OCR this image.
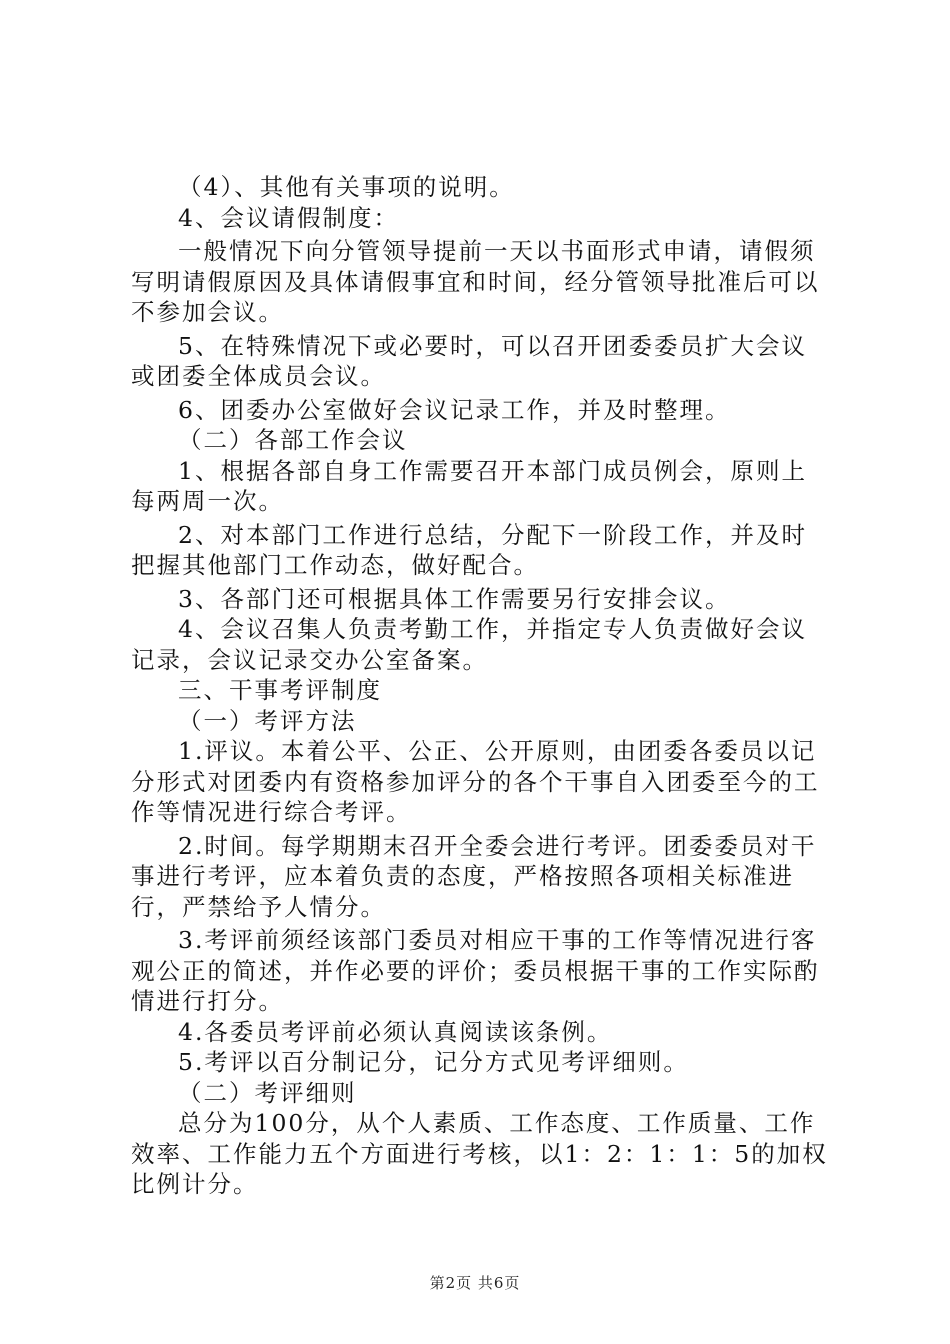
（4）、其他有关事项的说明。

4、会议请假制度：

一般情况下向分管领导提前一天以书面形式申请，请假须写明请假原因及具体请假事宜和时间，经分管领导批准后可以不参加会议。

5、在特殊情况下或必要时，可以召开团委委员扩大会议或团委全体成员会议。

6、团委办公室做好会议记录工作，并及时整理。

（二）各部工作会议

1、根据各部自身工作需要召开本部门成员例会，原则上每两周一次。

2、对本部门工作进行总结，分配下一阶段工作，并及时把握其他部门工作动态，做好配合。

3、各部门还可根据具体工作需要另行安排会议。

4、会议召集人负责考勤工作，并指定专人负责做好会议记录，会议记录交办公室备案。

三、干事考评制度

（一）考评方法

1.评议。本着公平、公正、公开原则，由团委各委员以记分形式对团委内有资格参加评分的各个干事自入团委至今的工作等情况进行综合考评。

2.时间。每学期期末召开全委会进行考评。团委委员对干事进行考评，应本着负责的态度，严格按照各项相关标准进行，严禁给予人情分。

3.考评前须经该部门委员对相应干事的工作等情况进行客观公正的简述，并作必要的评价；委员根据干事的工作实际酌情进行打分。

4.各委员考评前必须认真阅读该条例。

5.考评以百分制记分，记分方式见考评细则。

（二）考评细则

总分为100分，从个人素质、工作态度、工作质量、工作效率、工作能力五个方面进行考核，以1：2：1：1：5的加权比例计分。

第2页 共6页
